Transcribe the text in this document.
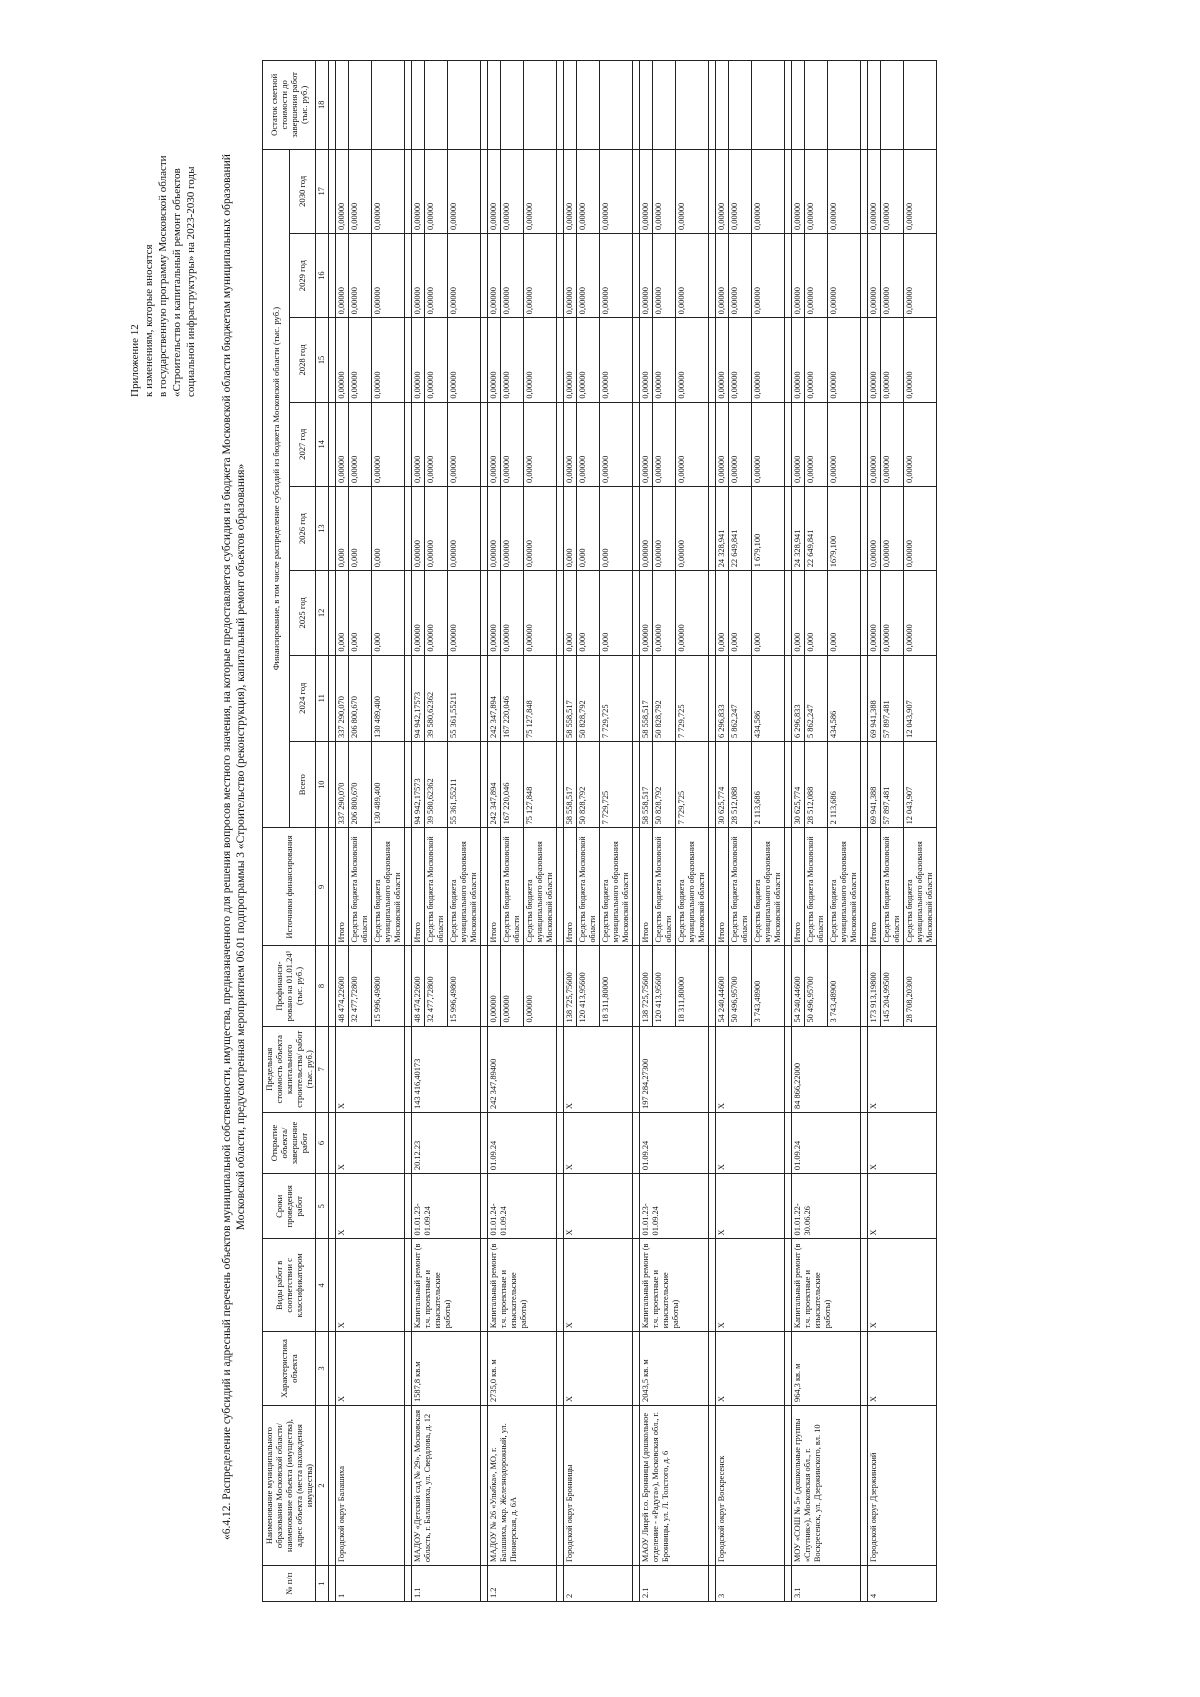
Приложение 12 к изменениям, которые вносятся в государственную программу Московской области «Строительство и капитальный ремонт объектов социальной инфраструктуры» на 2023-2030 годы «6.4.12. Распределение субсидий и адресный перечень объектов муниципальной собственности, имущества, предназначенного для решения вопросов местного значения, на которые предоставляется субсидия из бюджета Московской области бюджетам муниципальных образований Московской области, предусмотренная мероприятием 06.01 подпрограммы 3 «Строительство (реконструкция), капитальный ремонт объектов образования»
№ п/п	Наименование муниципального образования Московской области/наименование объекта (имущества), адрес объекта (места нахождения имущества)	Характеристика объекта	Виды работ в соответствии с классификатором	Сроки проведения работ	Открытие объекта/ завершение работ	Предельная стоимость объекта капитального строительства/ работ (тыс. руб.)	Профинанси-ровано на 01.01.24¹ (тыс. руб.)	Источники финансирования	Финансирование, в том числе распределение субсидий из бюджета Московской области (тыс. руб.)								Остаток сметной стоимости до завершения работ (тыс. руб.)
									Всего	2024 год	2025 год	2026 год	2027 год	2028 год	2029 год	2030 год	
1	2	3	4	5	6	7	8	9	10	11	12	13	14	15	16	17	18

1	Городской округ Балашиха	X	X	X	X	X	48 474,22600	Итого	337 290,070	337 290,070	0,000	0,000	0,00000	0,00000	0,00000	0,00000	
							32 477,72800	Средства бюджета Московской области	206 800,670	206 800,670	0,000	0,000	0,00000	0,00000	0,00000	0,00000	
							15 996,49800	Средства бюджета муниципального образования Московской области	130 489,400	130 489,400	0,000	0,000	0,00000	0,00000	0,00000	0,00000	

1.1	МАДОУ «Детский сад № 29», Московская область, г. Балашиха, ул. Свердлова, д. 12	1587,8 кв.м	Капитальный ремонт (в т.ч. проектные и изыскательские работы)	01.01.23-01.09.24	20.12.23	143 416,40173	48 474,22600	Итого	94 942,17573	94 942,17573	0,00000	0,00000	0,00000	0,00000	0,00000	0,00000	
							32 477,72800	Средства бюджета Московской области	39 580,62362	39 580,62362	0,00000	0,00000	0,00000	0,00000	0,00000	0,00000	
							15 996,49800	Средства бюджета муниципального образования Московской области	55 361,55211	55 361,55211	0,00000	0,00000	0,00000	0,00000	0,00000	0,00000	

1.2	МАДОУ № 26 «Улыбка», МО, г. Балашиха, мкр. Железнодорожный, ул. Пионерская, д. 6А	2735,0 кв. м	Капитальный ремонт (в т.ч. проектные и изыскательские работы)	01.01.24-01.09.24	01.09.24	242 347,89400	0,00000	Итого	242 347,894	242 347,894	0,00000	0,00000	0,00000	0,00000	0,00000	0,00000	
							0,00000	Средства бюджета Московской области	167 220,046	167 220,046	0,00000	0,00000	0,00000	0,00000	0,00000	0,00000	
							0,00000	Средства бюджета муниципального образования Московской области	75 127,848	75 127,848	0,00000	0,00000	0,00000	0,00000	0,00000	0,00000	

2	Городской округ Бронницы	X	X	X	X	X	138 725,75600	Итого	58 558,517	58 558,517	0,000	0,000	0,00000	0,00000	0,00000	0,00000	
							120 413,95600	Средства бюджета Московской области	50 828,792	50 828,792	0,000	0,000	0,00000	0,00000	0,00000	0,00000	
							18 311,80000	Средства бюджета муниципального образования Московской области	7 729,725	7 729,725	0,000	0,000	0,00000	0,00000	0,00000	0,00000	

2.1	МАОУ Лицей г.о. Бронницы (дошкольное отделение - «Радуга»), Московская обл., г. Бронницы, ул. Л. Толстого, д. 6	2043,5 кв. м	Капитальный ремонт (в т.ч. проектные и изыскательские работы)	01.01.23-01.09.24	01.09.24	197 284,27300	138 725,75600	Итого	58 558,517	58 558,517	0,00000	0,00000	0,00000	0,00000	0,00000	0,00000	
							120 413,95600	Средства бюджета Московской области	50 828,792	50 828,792	0,00000	0,00000	0,00000	0,00000	0,00000	0,00000	
							18 311,80000	Средства бюджета муниципального образования Московской области	7 729,725	7 729,725	0,00000	0,00000	0,00000	0,00000	0,00000	0,00000	

3	Городской округ Воскресенск	X	X	X	X	X	54 240,44600	Итого	30 625,774	6 296,833	0,000	24 328,941	0,00000	0,00000	0,00000	0,00000	
							50 496,95700	Средства бюджета Московской области	28 512,088	5 862,247	0,000	22 649,841	0,00000	0,00000	0,00000	0,00000	
							3 743,48900	Средства бюджета муниципального образования Московской области	2 113,686	434,586	0,000	1 679,100	0,00000	0,00000	0,00000	0,00000	

3.1	МОУ «СОШ № 5» (дошкольные группы «Спутник»), Московская обл., г. Воскресенск, ул. Дзержинского, вл. 10	964,3 кв. м	Капитальный ремонт (в т.ч. проектные и изыскательские работы)	01.01.22-30.06.26	01.09.24	84 866,22000	54 240,44600	Итого	30 625,774	6 296,833	0,000	24 328,941	0,00000	0,00000	0,00000	0,00000	
							50 496,95700	Средства бюджета Московской области	28 512,088	5 862,247	0,000	22 649,841	0,00000	0,00000	0,00000	0,00000	
							3 743,48900	Средства бюджета муниципального образования Московской области	2 113,686	434,586	0,000	1679,100	0,00000	0,00000	0,00000	0,00000	

4	Городской округ Дзержинский	X	X	X	X	X	173 913,19800	Итого	69 941,388	69 941,388	0,00000	0,00000	0,00000	0,00000	0,00000	0,00000	
							145 204,99500	Средства бюджета Московской области	57 897,481	57 897,481	0,00000	0,00000	0,00000	0,00000	0,00000	0,00000	
							28 708,20300	Средства бюджета муниципального образования Московской области	12 043,907	12 043,907	0,00000	0,00000	0,00000	0,00000	0,00000	0,00000	
